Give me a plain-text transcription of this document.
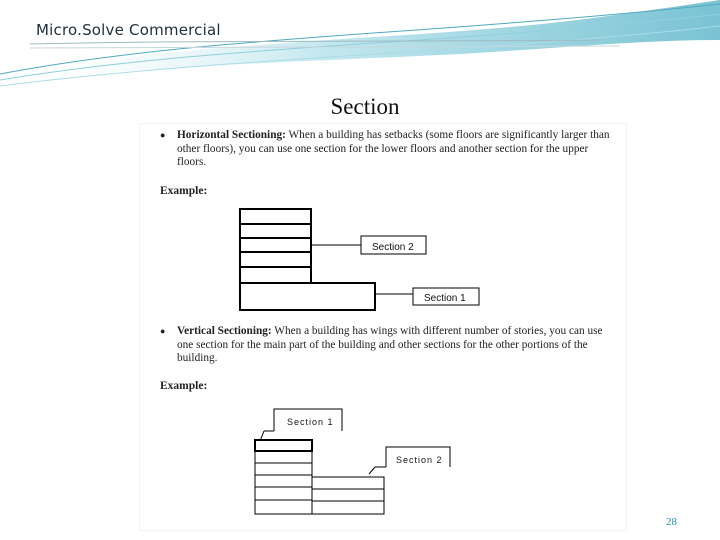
Micro.Solve Commercial
Section
● Horizontal Sectioning: When a building has setbacks (some floors are significantly larger than other floors), you can use one section for the lower floors and another section for the upper floors.
Example:
Section 2
Section 1
● Vertical Sectioning: When a building has wings with different number of stories, you can use one section for the main part of the building and other sections for the other portions of the building.
Example:
Section 1
Section 2
28
